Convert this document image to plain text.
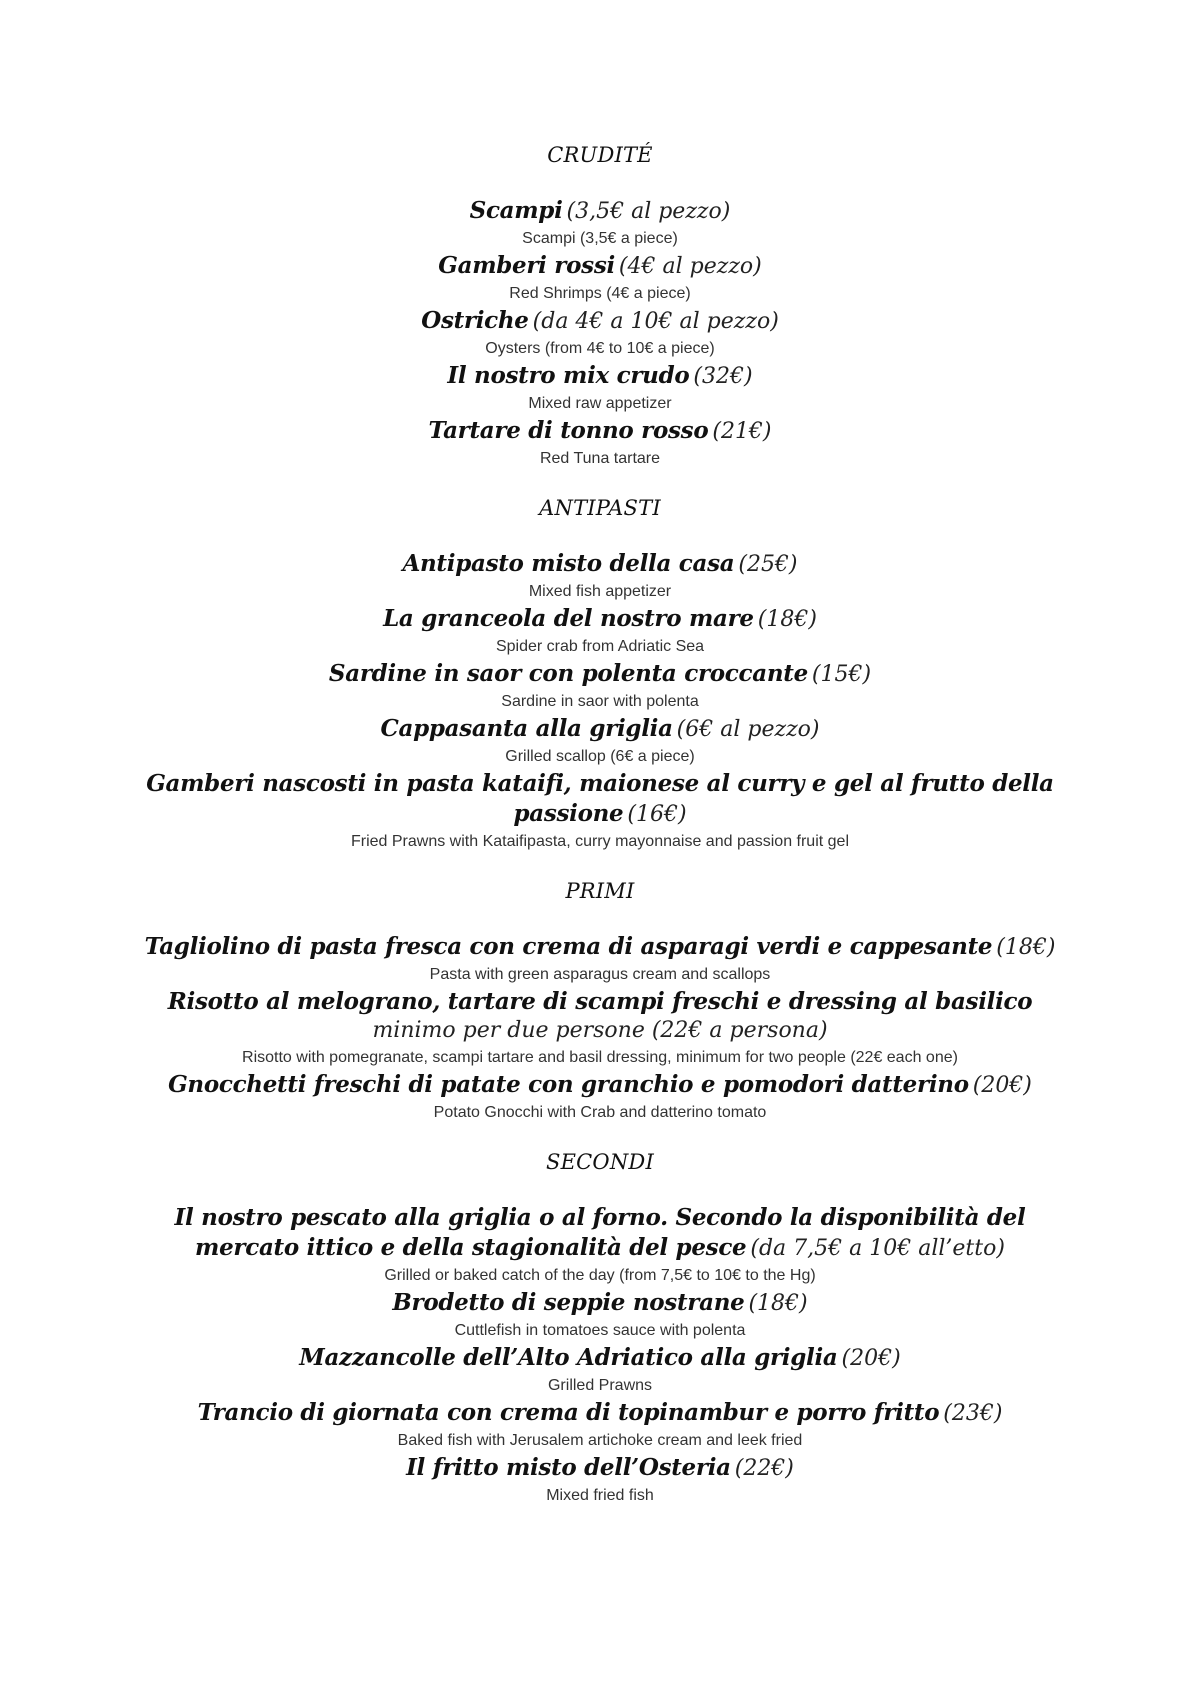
CRUDITÉ
Scampi (3,5€ al pezzo)
Scampi (3,5€ a piece)
Gamberi rossi (4€ al pezzo)
Red Shrimps (4€ a piece)
Ostriche (da 4€ a 10€ al pezzo)
Oysters (from 4€ to 10€ a piece)
Il nostro mix crudo (32€)
Mixed raw appetizer
Tartare di tonno rosso (21€)
Red Tuna tartare
ANTIPASTI
Antipasto misto della casa (25€)
Mixed fish appetizer
La granceola del nostro mare (18€)
Spider crab from Adriatic Sea
Sardine in saor con polenta croccante (15€)
Sardine in saor with polenta
Cappasanta alla griglia (6€ al pezzo)
Grilled scallop (6€ a piece)
Gamberi nascosti in pasta kataifi, maionese al curry e gel al frutto della passione (16€)
Fried Prawns with Kataifipasta, curry mayonnaise and passion fruit gel
PRIMI
Tagliolino di pasta fresca con crema di asparagi verdi e cappesante (18€)
Pasta with green asparagus cream and scallops
Risotto al melograno, tartare di scampi freschi e dressing al basilico
minimo per due persone (22€ a persona)
Risotto with pomegranate, scampi tartare and basil dressing, minimum for two people (22€ each one)
Gnocchetti freschi di patate con granchio e pomodori datterino (20€)
Potato Gnocchi with Crab and datterino tomato
SECONDI
Il nostro pescato alla griglia o al forno. Secondo la disponibilità del mercato ittico e della stagionalità del pesce (da 7,5€ a 10€ all’etto)
Grilled or baked catch of the day (from 7,5€ to 10€ to the Hg)
Brodetto di seppie nostrane (18€)
Cuttlefish in tomatoes sauce with polenta
Mazzancolle dell’Alto Adriatico alla griglia (20€)
Grilled Prawns
Trancio di giornata con crema di topinambur e porro fritto (23€)
Baked fish with Jerusalem artichoke cream and leek fried
Il fritto misto dell’Osteria (22€)
Mixed fried fish
